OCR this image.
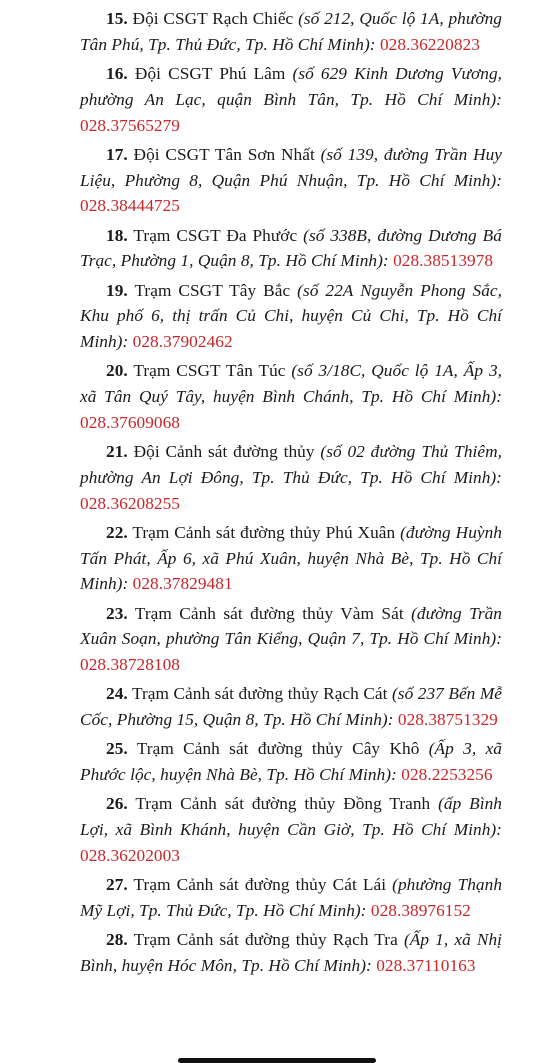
15. Đội CSGT Rạch Chiếc (số 212, Quốc lộ 1A, phường Tân Phú, Tp. Thủ Đức, Tp. Hồ Chí Minh): 028.36220823

16. Đội CSGT Phú Lâm (số 629 Kinh Dương Vương, phường An Lạc, quận Bình Tân, Tp. Hồ Chí Minh): 028.37565279

17. Đội CSGT Tân Sơn Nhất (số 139, đường Trần Huy Liệu, Phường 8, Quận Phú Nhuận, Tp. Hồ Chí Minh): 028.38444725

18. Trạm CSGT Đa Phước (số 338B, đường Dương Bá Trạc, Phường 1, Quận 8, Tp. Hồ Chí Minh): 028.38513978

19. Trạm CSGT Tây Bắc (số 22A Nguyễn Phong Sắc, Khu phố 6, thị trấn Củ Chi, huyện Củ Chi, Tp. Hồ Chí Minh): 028.37902462

20. Trạm CSGT Tân Túc (số 3/18C, Quốc lộ 1A, Ấp 3, xã Tân Quý Tây, huyện Bình Chánh, Tp. Hồ Chí Minh): 028.37609068

21. Đội Cảnh sát đường thủy (số 02 đường Thủ Thiêm, phường An Lợi Đông, Tp. Thủ Đức, Tp. Hồ Chí Minh): 028.36208255

22. Trạm Cảnh sát đường thủy Phú Xuân (đường Huỳnh Tấn Phát, Ấp 6, xã Phú Xuân, huyện Nhà Bè, Tp. Hồ Chí Minh): 028.37829481

23. Trạm Cảnh sát đường thủy Vàm Sát (đường Trần Xuân Soạn, phường Tân Kiểng, Quận 7, Tp. Hồ Chí Minh): 028.38728108

24. Trạm Cảnh sát đường thủy Rạch Cát (số 237 Bến Mễ Cốc, Phường 15, Quận 8, Tp. Hồ Chí Minh): 028.38751329

25. Trạm Cảnh sát đường thủy Cây Khô (Ấp 3, xã Phước lộc, huyện Nhà Bè, Tp. Hồ Chí Minh): 028.2253256

26. Trạm Cảnh sát đường thủy Đồng Tranh (ấp Bình Lợi, xã Bình Khánh, huyện Cần Giờ, Tp. Hồ Chí Minh): 028.36202003

27. Trạm Cảnh sát đường thủy Cát Lái (phường Thạnh Mỹ Lợi, Tp. Thủ Đức, Tp. Hồ Chí Minh): 028.38976152

28. Trạm Cảnh sát đường thủy Rạch Tra (Ấp 1, xã Nhị Bình, huyện Hóc Môn, Tp. Hồ Chí Minh): 028.37110163
